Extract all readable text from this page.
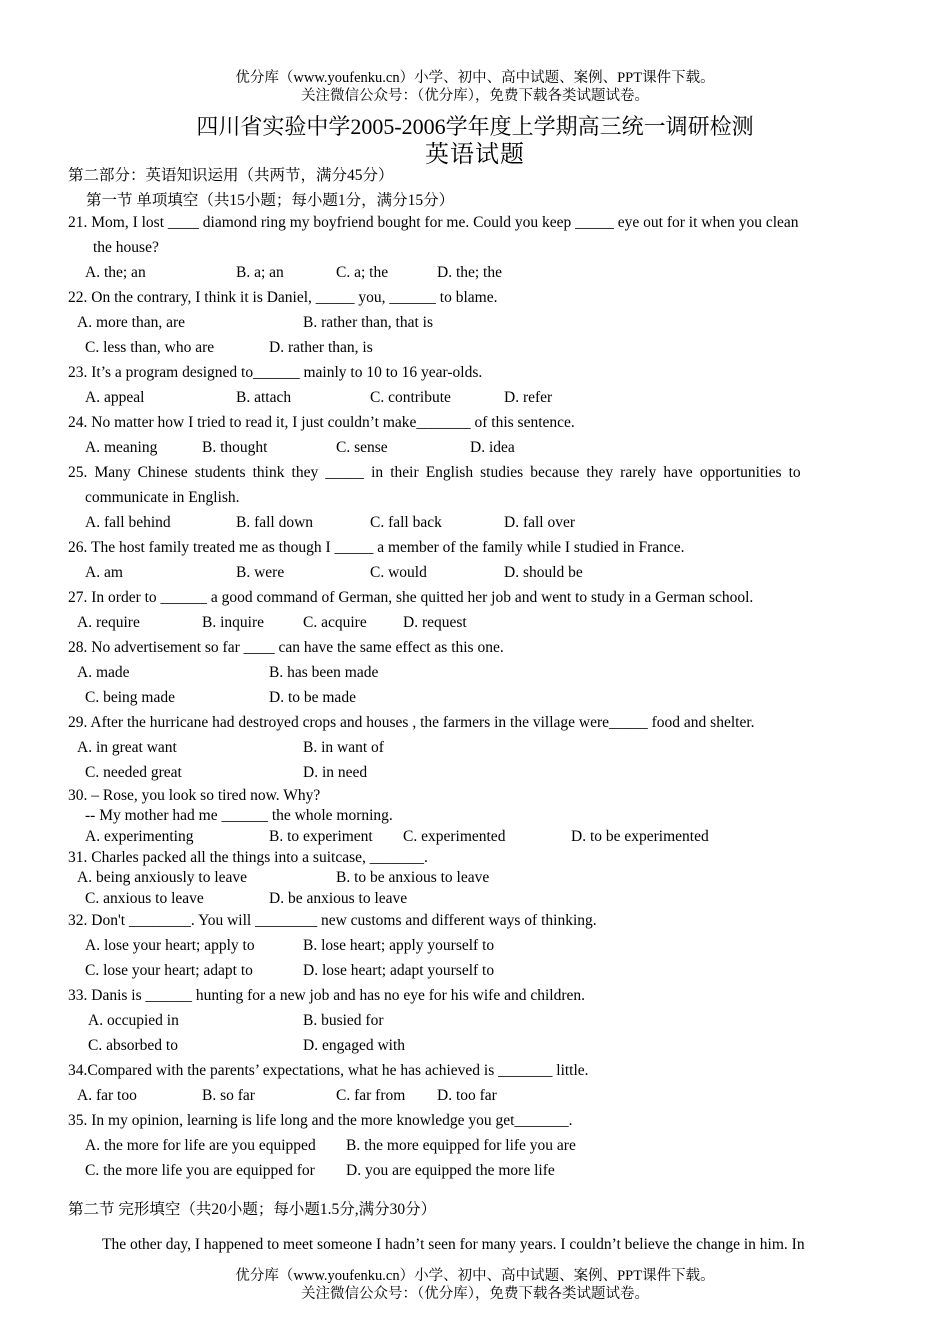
优分库（www.youfenku.cn）小学、初中、高中试题、案例、PPT课件下载。
关注微信公众号：（优分库），免费下载各类试题试卷。
四川省实验中学2005-2006学年度上学期高三统一调研检测
英语试题
第二部分：英语知识运用（共两节，满分45分）
第一节 单项填空（共15小题；每小题1分，满分15分）
21. Mom, I lost ____ diamond ring my boyfriend bought for me. Could you keep _____ eye out for it when you clean
the house?
A. the; an	B. a; an	C. a; the	D. the; the
22. On the contrary, I think it is Daniel, _____ you, ______ to blame.
A. more than, are	B. rather than, that is
C. less than, who are	D. rather than, is
23. It’s a program designed to______ mainly to 10 to 16 year-olds.
A. appeal	B. attach	C. contribute	D. refer
24. No matter how I tried to read it, I just couldn’t make_______ of this sentence.
A. meaning	B. thought	C. sense	D. idea
25. Many Chinese students think they _____ in their English studies because they rarely have opportunities to
communicate in English.
A. fall behind	B. fall down	C. fall back	D. fall over
26. The host family treated me as though I _____ a member of the family while I studied in France.
A. am	B. were	C. would	D. should be
27. In order to ______ a good command of German, she quitted her job and went to study in a German school.
A. require	B. inquire	C. acquire D. request
28. No advertisement so far ____ can have the same effect as this one.
A. made	B. has been made
C. being made	D. to be made
29. After the hurricane had destroyed crops and houses , the farmers in the village were_____ food and shelter.
A. in great want	B. in want of
C. needed great	D. in need
30. – Rose, you look so tired now. Why?
-- My mother had me ______ the whole morning.
A. experimenting	B. to experiment C. experimented	D. to be experimented
31. Charles packed all the things into a suitcase, _______.
A. being anxiously to leave	B. to be anxious to leave
C. anxious to leave	D. be anxious to leave
32. Don't ________. You will ________ new customs and different ways of thinking.
A. lose your heart; apply to	B. lose heart; apply yourself to
C. lose your heart; adapt to	D. lose heart; adapt yourself to
33. Danis is ______ hunting for a new job and has no eye for his wife and children.
A. occupied in	B. busied for
C. absorbed to	D. engaged with
34.Compared with the parents’ expectations, what he has achieved is _______ little.
A. far too	B. so far	C. far from D. too far
35. In my opinion, learning is life long and the more knowledge you get_______.
A. the more for life are you equipped B. the more equipped for life you are
C. the more life you are equipped for D. you are equipped the more life
第二节 完形填空（共20小题；每小题1.5分,满分30分）
The other day, I happened to meet someone I hadn’t seen for many years. I couldn’t believe the change in him. In
优分库（www.youfenku.cn）小学、初中、高中试题、案例、PPT课件下载。
关注微信公众号：（优分库），免费下载各类试题试卷。
